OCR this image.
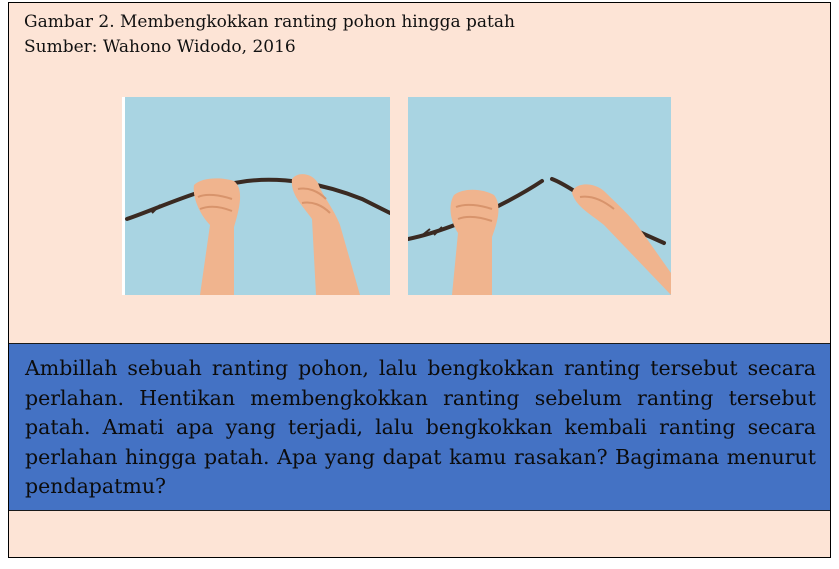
Gambar 2. Membengkokkan ranting pohon hingga patah
Sumber: Wahono Widodo, 2016
Ambillah sebuah ranting pohon, lalu bengkokkan ranting tersebut secara perlahan. Hentikan membengkokkan ranting sebelum ranting tersebut patah. Amati apa yang terjadi, lalu bengkokkan kembali ranting secara perlahan hingga patah. Apa yang dapat kamu rasakan? Bagimana menurut pendapatmu?
